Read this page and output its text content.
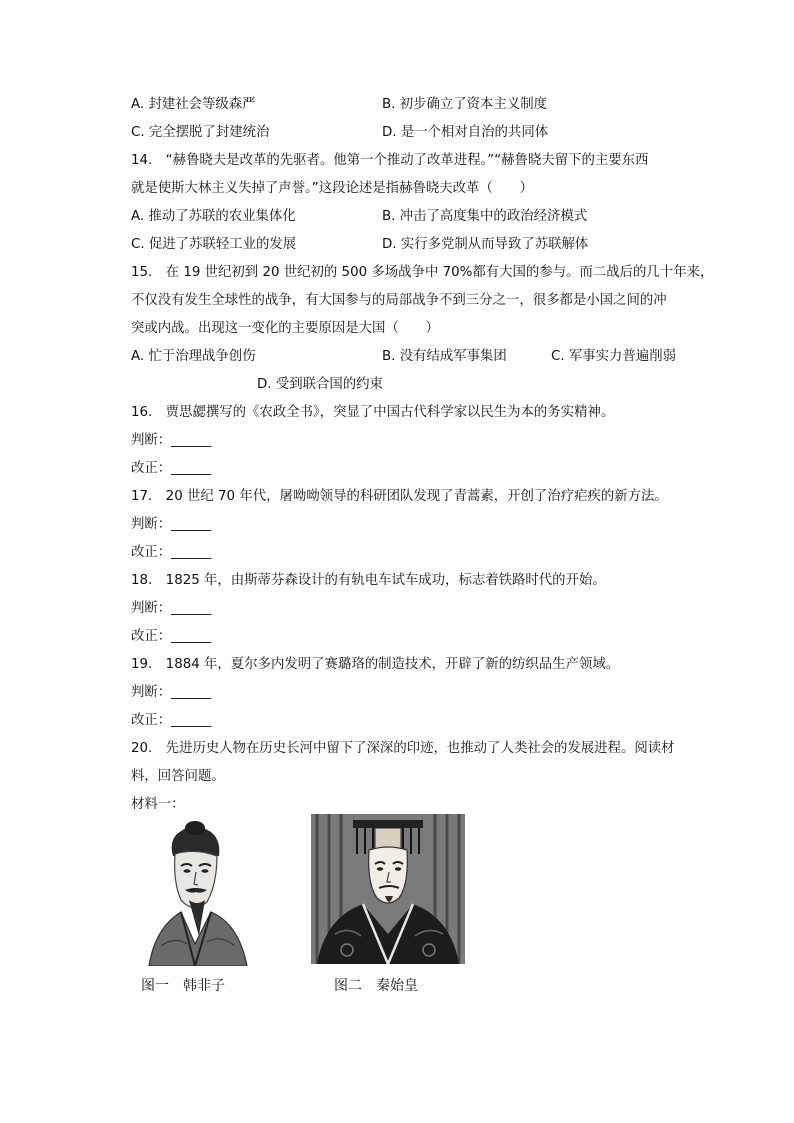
A. 封建社会等级森严	B. 初步确立了资本主义制度
C. 完全摆脱了封建统治	D. 是一个相对自治的共同体
14.　“赫鲁晓夫是改革的先驱者。他第一个推动了改革进程。”“赫鲁晓夫留下的主要东西
就是使斯大林主义失掉了声誉。”这段论述是指赫鲁晓夫改革（　　）
A. 推动了苏联的农业集体化	B. 冲击了高度集中的政治经济模式
C. 促进了苏联轻工业的发展	D. 实行多党制从而导致了苏联解体
15.　在 19 世纪初到 20 世纪初的 500 多场战争中 70%都有大国的参与。而二战后的几十年来，
不仅没有发生全球性的战争，有大国参与的局部战争不到三分之一，很多都是小国之间的冲
突或内战。出现这一变化的主要原因是大国（　　）
A. 忙于治理战争创伤	B. 没有结成军事集团	C. 军事实力普遍削弱
D. 受到联合国的约束
16.　贾思勰撰写的《农政全书》，突显了中国古代科学家以民生为本的务实精神。
判断：______
改正：______
17.　20 世纪 70 年代，屠呦呦领导的科研团队发现了青蒿素，开创了治疗疟疾的新方法。
判断：______
改正：______
18.　1825 年，由斯蒂芬森设计的有轨电车试车成功，标志着铁路时代的开始。
判断：______
改正：______
19.　1884 年，夏尔多内发明了赛璐珞的制造技术，开辟了新的纺织品生产领域。
判断：______
改正：______
20.　先进历史人物在历史长河中留下了深深的印迹，也推动了人类社会的发展进程。阅读材
料，回答问题。
材料一：
图一　韩非子	图二　秦始皇
